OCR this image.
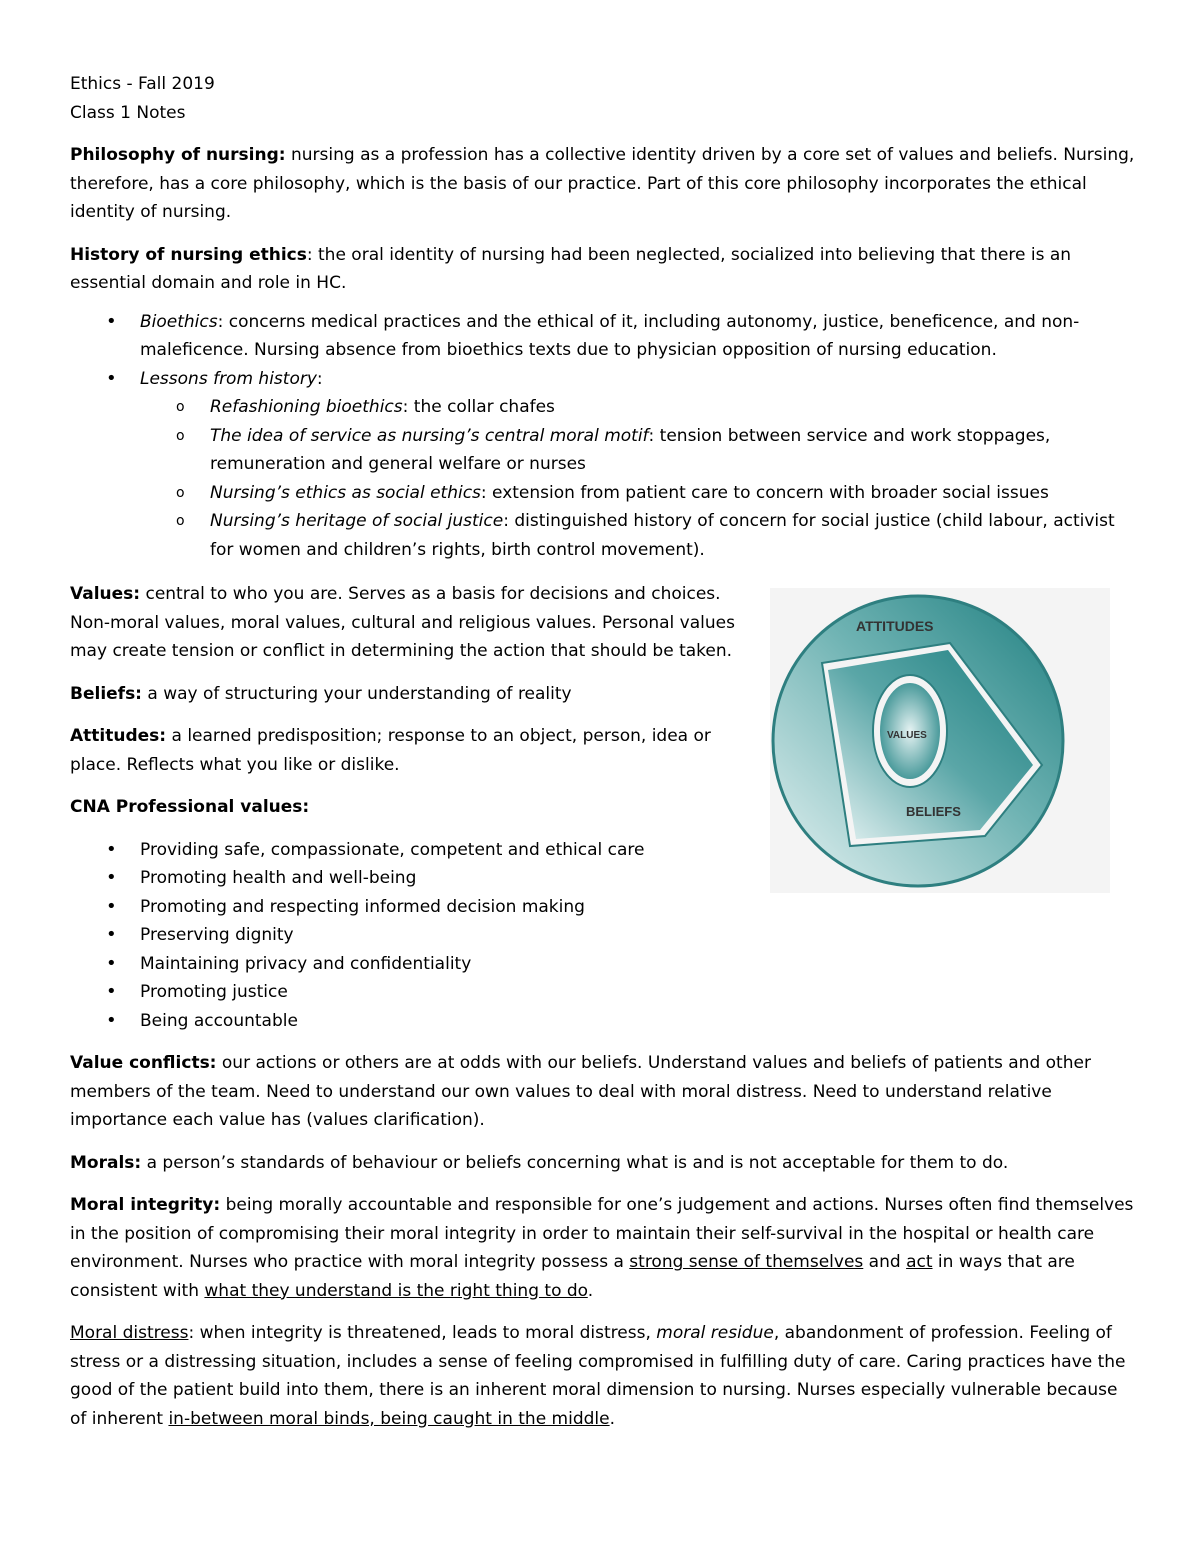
Ethics - Fall 2019

Class 1 Notes

Philosophy of nursing: nursing as a profession has a collective identity driven by a core set of values and beliefs. Nursing, therefore, has a core philosophy, which is the basis of our practice. Part of this core philosophy incorporates the ethical identity of nursing.

History of nursing ethics: the oral identity of nursing had been neglected, socialized into believing that there is an essential domain and role in HC.

• Bioethics: concerns medical practices and the ethical of it, including autonomy, justice, beneficence, and non-maleficence. Nursing absence from bioethics texts due to physician opposition of nursing education.
• Lessons from history:
o Refashioning bioethics: the collar chafes
o The idea of service as nursing’s central moral motif: tension between service and work stoppages, remuneration and general welfare or nurses
o Nursing’s ethics as social ethics: extension from patient care to concern with broader social issues
o Nursing’s heritage of social justice: distinguished history of concern for social justice (child labour, activist for women and children’s rights, birth control movement).

Values: central to who you are. Serves as a basis for decisions and choices. Non-moral values, moral values, cultural and religious values. Personal values may create tension or conflict in determining the action that should be taken.

Beliefs: a way of structuring your understanding of reality

Attitudes: a learned predisposition; response to an object, person, idea or place. Reflects what you like or dislike.

CNA Professional values:

• Providing safe, compassionate, competent and ethical care
• Promoting health and well-being
• Promoting and respecting informed decision making
• Preserving dignity
• Maintaining privacy and confidentiality
• Promoting justice
• Being accountable

Value conflicts: our actions or others are at odds with our beliefs. Understand values and beliefs of patients and other members of the team. Need to understand our own values to deal with moral distress. Need to understand relative importance each value has (values clarification).

Morals: a person’s standards of behaviour or beliefs concerning what is and is not acceptable for them to do.

Moral integrity: being morally accountable and responsible for one’s judgement and actions. Nurses often find themselves in the position of compromising their moral integrity in order to maintain their self-survival in the hospital or health care environment. Nurses who practice with moral integrity possess a strong sense of themselves and act in ways that are consistent with what they understand is the right thing to do.

Moral distress: when integrity is threatened, leads to moral distress, moral residue, abandonment of profession. Feeling of stress or a distressing situation, includes a sense of feeling compromised in fulfilling duty of care. Caring practices have the good of the patient build into them, there is an inherent moral dimension to nursing. Nurses especially vulnerable because of inherent in-between moral binds, being caught in the middle.

ATTITUDES
BELIEFS
VALUES
